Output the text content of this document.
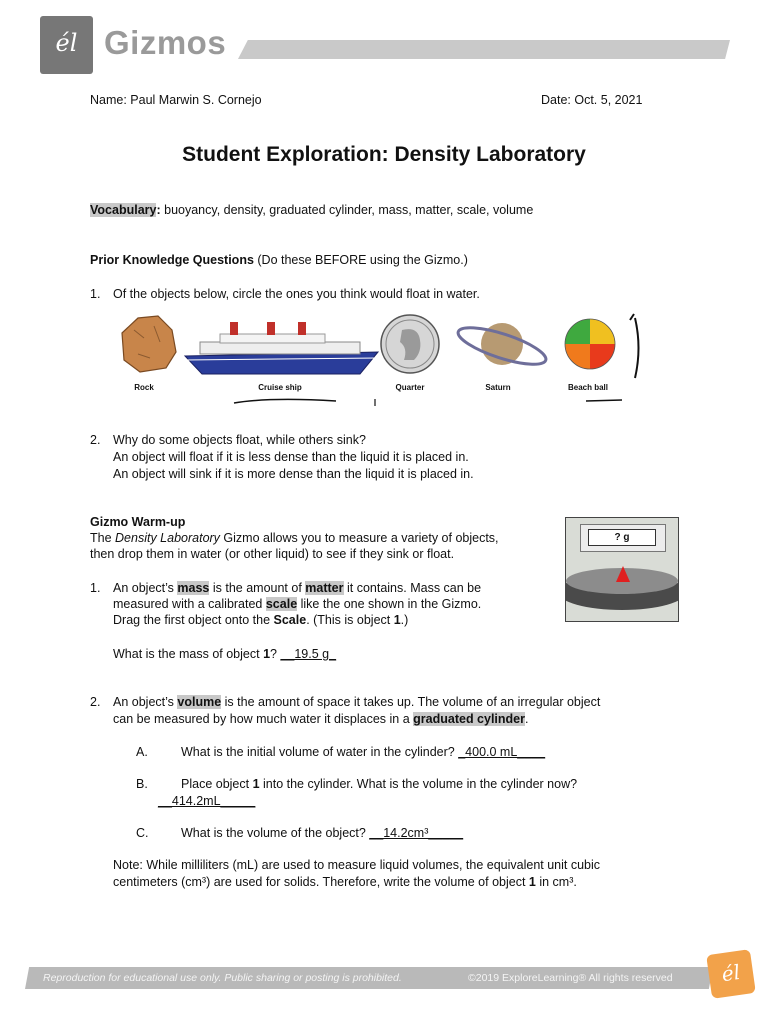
él Gizmos
Name: Paul Marwin S. Cornejo	Date: Oct. 5, 2021
Student Exploration: Density Laboratory
Vocabulary: buoyancy, density, graduated cylinder, mass, matter, scale, volume
Prior Knowledge Questions (Do these BEFORE using the Gizmo.)
1. Of the objects below, circle the ones you think would float in water.
Rock	Cruise ship	Quarter	Saturn	Beach ball
2. Why do some objects float, while others sink?
An object will float if it is less dense than the liquid it is placed in.
An object will sink if it is more dense than the liquid it is placed in.
Gizmo Warm-up
The Density Laboratory Gizmo allows you to measure a variety of objects,
then drop them in water (or other liquid) to see if they sink or float.
? g
1. An object’s mass is the amount of matter it contains. Mass can be
measured with a calibrated scale like the one shown in the Gizmo.
Drag the first object onto the Scale. (This is object 1.)
What is the mass of object 1? __19.5 g_
2. An object’s volume is the amount of space it takes up. The volume of an irregular object
can be measured by how much water it displaces in a graduated cylinder.
A.	What is the initial volume of water in the cylinder? _400.0 mL____
B.	Place object 1 into the cylinder. What is the volume in the cylinder now?
__414.2mL_____
C.	What is the volume of the object? __14.2cm³_____
Note: While milliliters (mL) are used to measure liquid volumes, the equivalent unit cubic
centimeters (cm³) are used for solids. Therefore, write the volume of object 1 in cm³.
Reproduction for educational use only. Public sharing or posting is prohibited.	©2019 ExploreLearning® All rights reserved	él
